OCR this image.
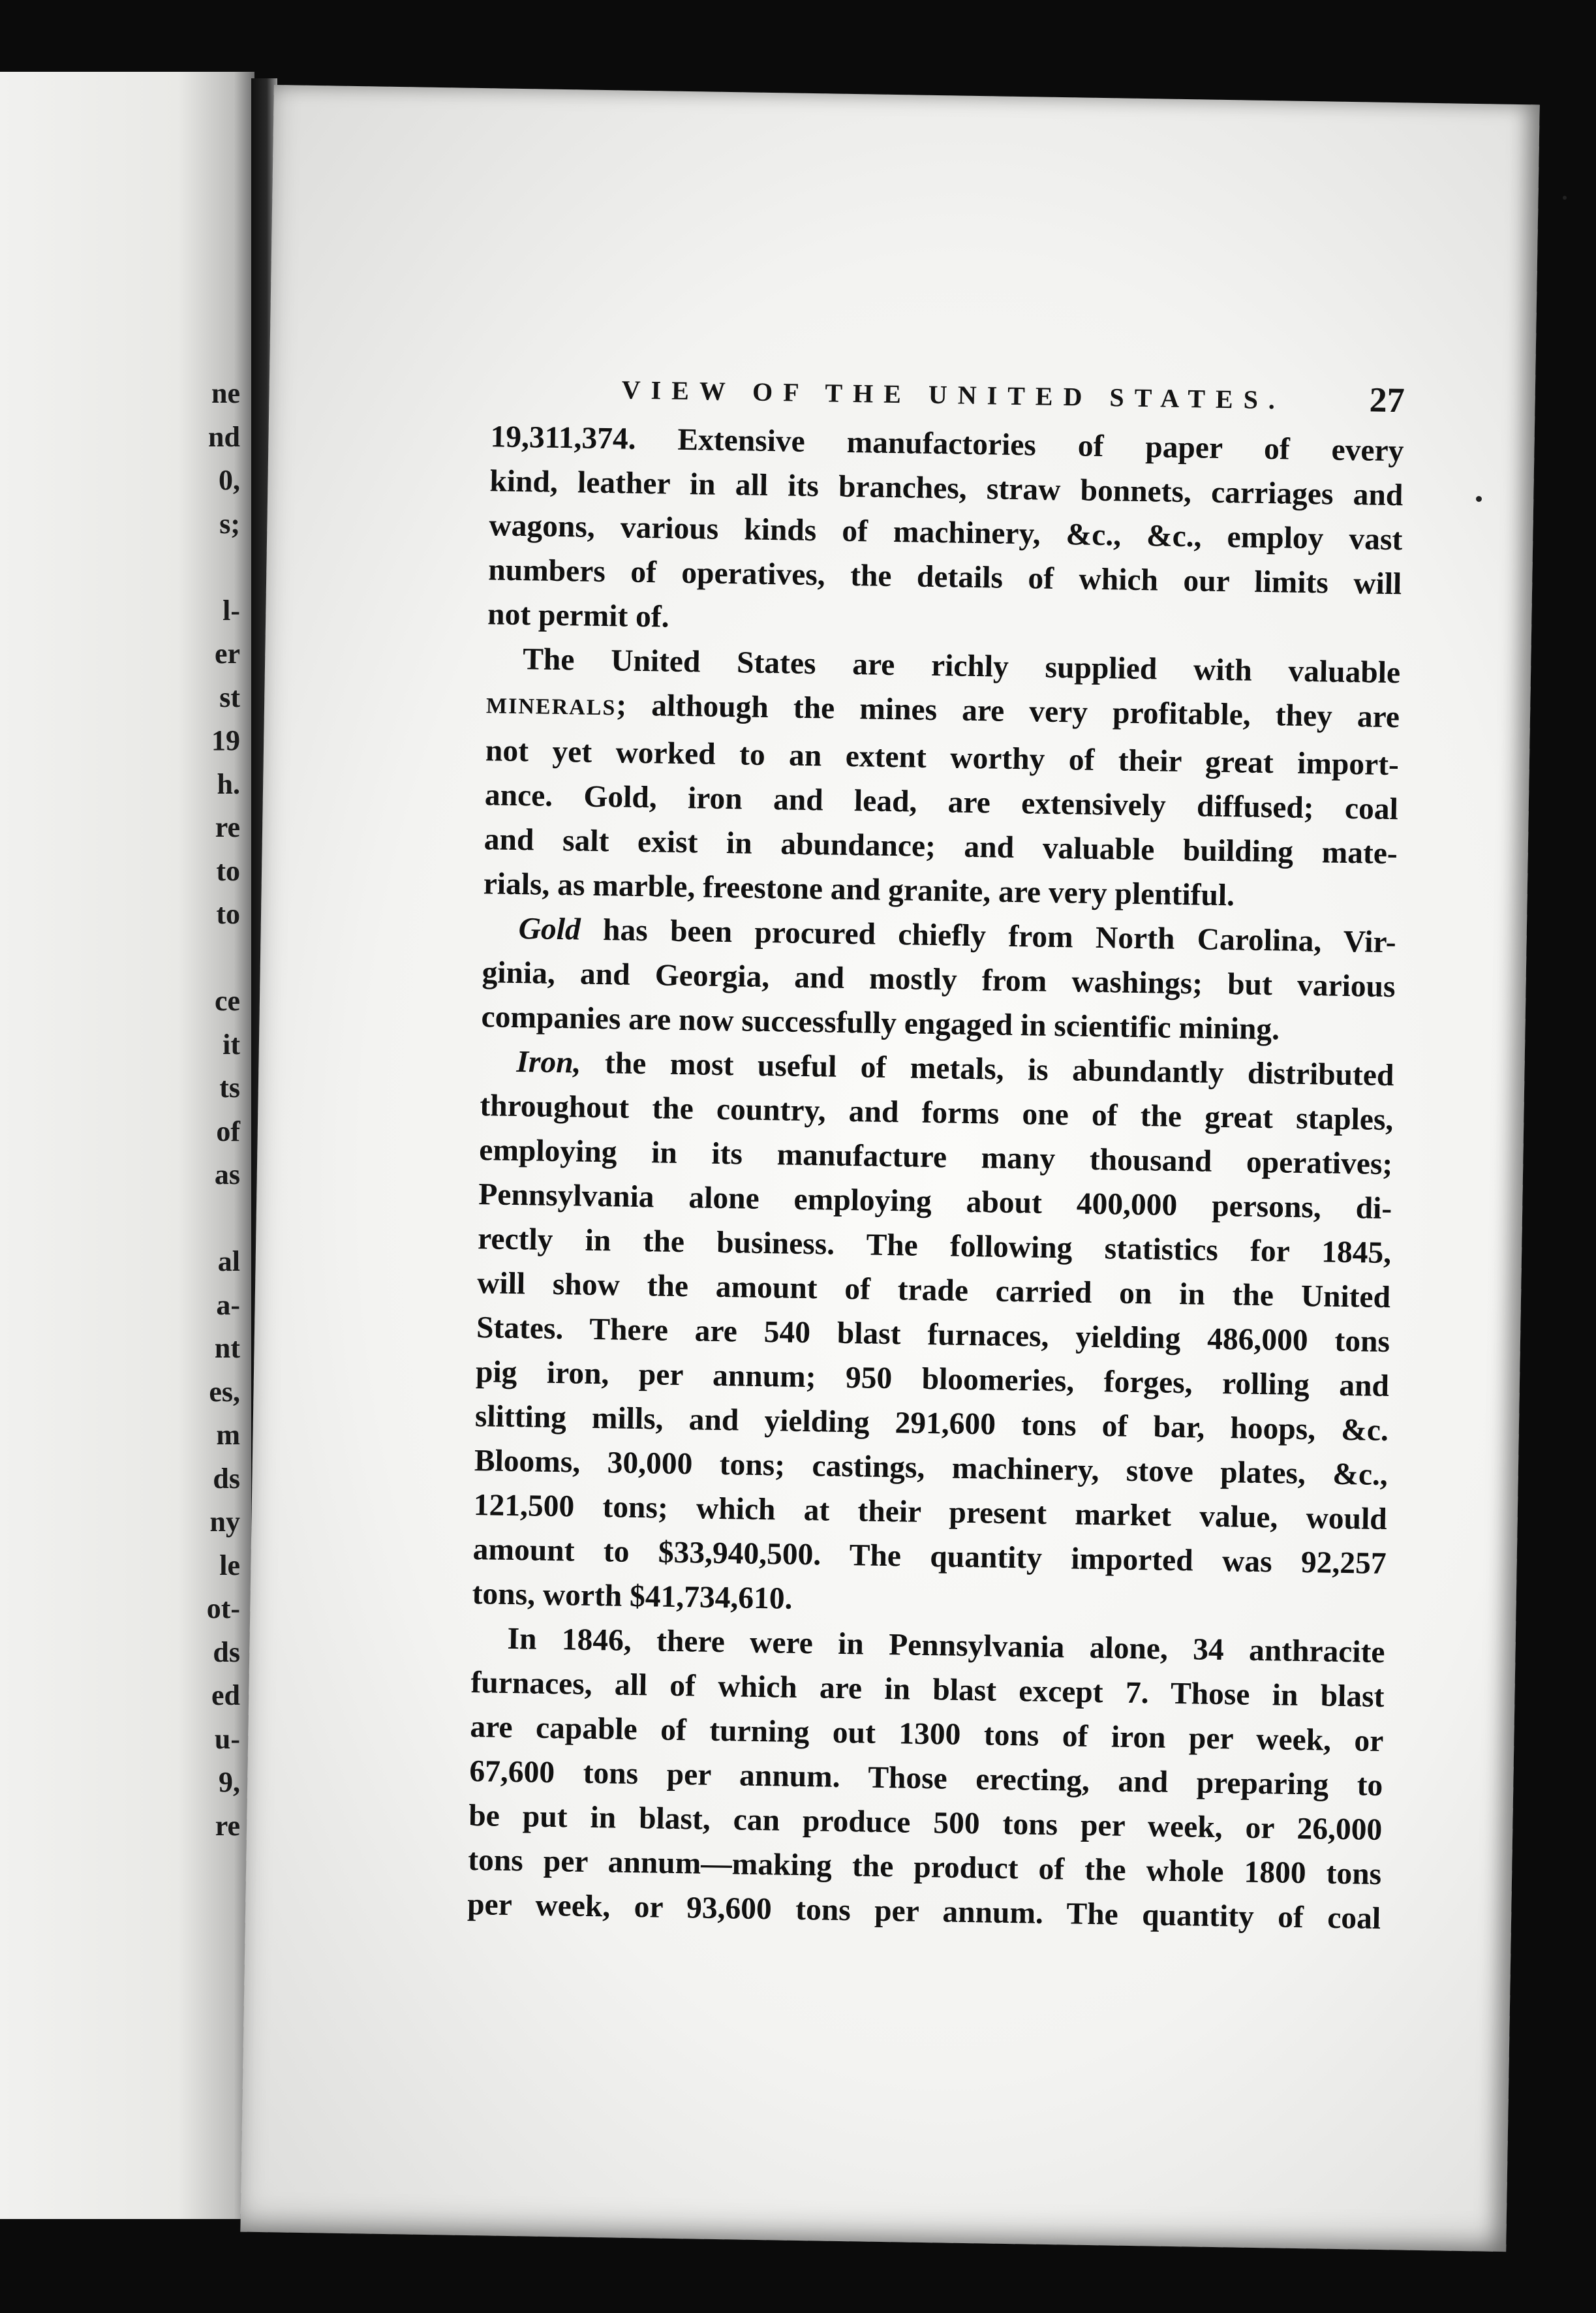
ne
nd
0,
s;
l-
er
st
19
h.
re
to
to
ce
it
ts
of
as
al
a-
nt
es,
m
ds
ny
le
ot-
ds
ed
u-
9,
re
VIEW OF THE UNITED STATES. 27
19,311,374. Extensive manufactories of paper of every
kind, leather in all its branches, straw bonnets, carriages and
wagons, various kinds of machinery, &c., &c., employ vast
numbers of operatives, the details of which our limits will
not permit of.
The United States are richly supplied with valuable
MINERALS; although the mines are very profitable, they are
not yet worked to an extent worthy of their great import-
ance. Gold, iron and lead, are extensively diffused; coal
and salt exist in abundance; and valuable building mate-
rials, as marble, freestone and granite, are very plentiful.
Gold has been procured chiefly from North Carolina, Vir-
ginia, and Georgia, and mostly from washings; but various
companies are now successfully engaged in scientific mining.
Iron, the most useful of metals, is abundantly distributed
throughout the country, and forms one of the great staples,
employing in its manufacture many thousand operatives;
Pennsylvania alone employing about 400,000 persons, di-
rectly in the business. The following statistics for 1845,
will show the amount of trade carried on in the United
States. There are 540 blast furnaces, yielding 486,000 tons
pig iron, per annum; 950 bloomeries, forges, rolling and
slitting mills, and yielding 291,600 tons of bar, hoops, &c.
Blooms, 30,000 tons; castings, machinery, stove plates, &c.,
121,500 tons; which at their present market value, would
amount to $33,940,500. The quantity imported was 92,257
tons, worth $41,734,610.
In 1846, there were in Pennsylvania alone, 34 anthracite
furnaces, all of which are in blast except 7. Those in blast
are capable of turning out 1300 tons of iron per week, or
67,600 tons per annum. Those erecting, and preparing to
be put in blast, can produce 500 tons per week, or 26,000
tons per annum—making the product of the whole 1800 tons
per week, or 93,600 tons per annum. The quantity of coal
